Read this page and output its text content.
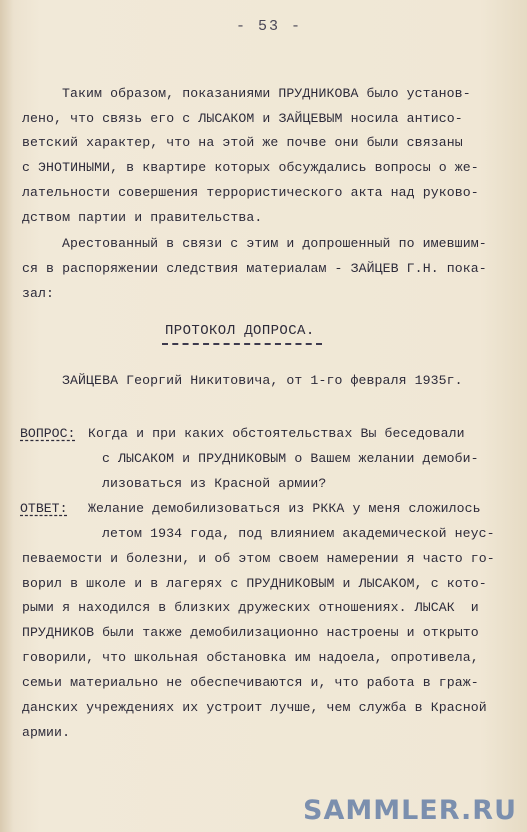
- 53 -
Таким образом, показаниями ПРУДНИКОВА было установ-
лено, что связь его с ЛЫСАКОМ и ЗАЙЦЕВЫМ носила антисо-
ветский характер, что на этой же почве они были связаны
с ЭНОТИНЫМИ, в квартире которых обсуждались вопросы о же-
лательности совершения террористического акта над руково-
дством партии и правительства.
Арестованный в связи с этим и допрошенный по имевшим-
ся в распоряжении следствия материалам - ЗАЙЦЕВ Г.Н. пока-
зал:
ПРОТОКОЛ ДОПРОСА.
ЗАЙЦЕВА Георгий Никитовича, от 1-го февраля 1935г.
ВОПРОС: Когда и при каких обстоятельствах Вы беседовали
с ЛЫСАКОМ и ПРУДНИКОВЫМ о Вашем желании демоби-
лизоваться из Красной армии?
ОТВЕТ: Желание демобилизоваться из РККА у меня сложилось
летом 1934 года, под влиянием академической неус-
певаемости и болезни, и об этом своем намерении я часто го-
ворил в школе и в лагерях с ПРУДНИКОВЫМ и ЛЫСАКОМ, с кото-
рыми я находился в близких дружеских отношениях. ЛЫСАК  и
ПРУДНИКОВ были также демобилизационно настроены и открыто
говорили, что школьная обстановка им надоела, опротивела,
семьи материально не обеспечиваются и, что работа в граж-
данских учреждениях их устроит лучше, чем служба в Красной
армии.
SAMMLER.RU
